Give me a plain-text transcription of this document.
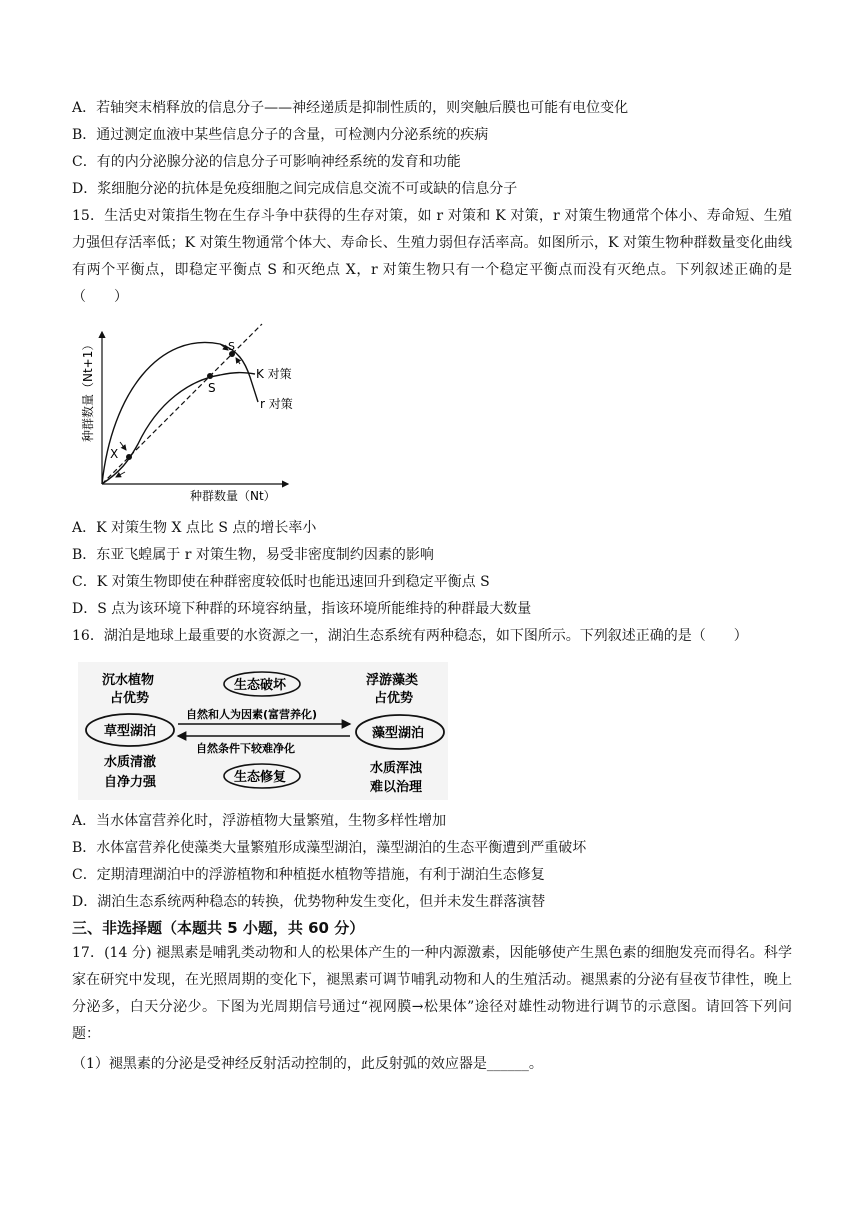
A．若轴突末梢释放的信息分子——神经递质是抑制性质的，则突触后膜也可能有电位变化
B．通过测定血液中某些信息分子的含量，可检测内分泌系统的疾病
C．有的内分泌腺分泌的信息分子可影响神经系统的发育和功能
D．浆细胞分泌的抗体是免疫细胞之间完成信息交流不可或缺的信息分子
15．生活史对策指生物在生存斗争中获得的生存对策，如 r 对策和 K 对策，r 对策生物通常个体小、寿命短、生殖力强但存活率低；K 对策生物通常个体大、寿命长、生殖力弱但存活率高。如图所示，K 对策生物种群数量变化曲线有两个平衡点，即稳定平衡点 S 和灭绝点 X，r 对策生物只有一个稳定平衡点而没有灭绝点。下列叙述正确的是（　　）
S
S
X
K 对策
r 对策
种群数量（Nt）
种群数量（Nt+1）
A．K 对策生物 X 点比 S 点的增长率小
B．东亚飞蝗属于 r 对策生物，易受非密度制约因素的影响
C．K 对策生物即使在种群密度较低时也能迅速回升到稳定平衡点 S
D．S 点为该环境下种群的环境容纳量，指该环境所能维持的种群最大数量
16．湖泊是地球上最重要的水资源之一，湖泊生态系统有两种稳态，如下图所示。下列叙述正确的是（　　）
沉水植物
占优势
草型湖泊
水质清澈
自净力强
生态破坏
自然和人为因素(富营养化)
自然条件下较难净化
生态修复
浮游藻类
占优势
藻型湖泊
水质浑浊
难以治理
A．当水体富营养化时，浮游植物大量繁殖，生物多样性增加
B．水体富营养化使藻类大量繁殖形成藻型湖泊，藻型湖泊的生态平衡遭到严重破坏
C．定期清理湖泊中的浮游植物和种植挺水植物等措施，有利于湖泊生态修复
D．湖泊生态系统两种稳态的转换，优势物种发生变化，但并未发生群落演替
三、非选择题（本题共 5 小题，共 60 分）
17．(14 分) 褪黑素是哺乳类动物和人的松果体产生的一种内源激素，因能够使产生黑色素的细胞发亮而得名。科学家在研究中发现，在光照周期的变化下，褪黑素可调节哺乳动物和人的生殖活动。褪黑素的分泌有昼夜节律性，晚上分泌多，白天分泌少。下图为光周期信号通过“视网膜→松果体”途径对雄性动物进行调节的示意图。请回答下列问题：
（1）褪黑素的分泌是受神经反射活动控制的，此反射弧的效应器是______。
